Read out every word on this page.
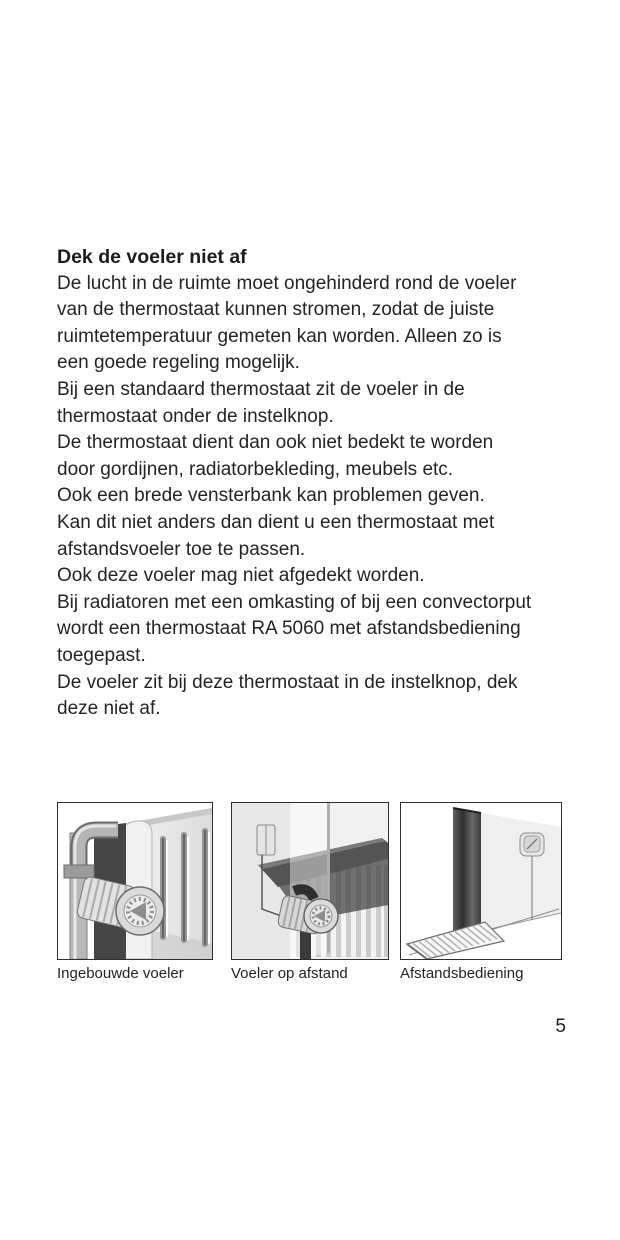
Dek de voeler niet af
De lucht in de ruimte moet ongehinderd rond de voeler
van de thermostaat kunnen stromen, zodat de juiste
ruimtetemperatuur gemeten kan worden. Alleen zo is
een goede regeling mogelijk.
Bij een standaard thermostaat zit de voeler in de
thermostaat onder de instelknop.
De thermostaat dient dan ook niet bedekt te worden
door gordijnen, radiatorbekleding, meubels etc.
Ook een brede vensterbank kan problemen geven.
Kan dit niet anders dan dient u een thermostaat met
afstandsvoeler toe te passen.
Ook deze voeler mag niet afgedekt worden.
Bij radiatoren met een omkasting of bij een convectorput
wordt een thermostaat RA 5060 met afstandsbediening
toegepast.
De voeler zit bij deze thermostaat in de instelknop, dek
deze niet af.
Ingebouwde voeler	Voeler op afstand	Afstandsbediening
5
